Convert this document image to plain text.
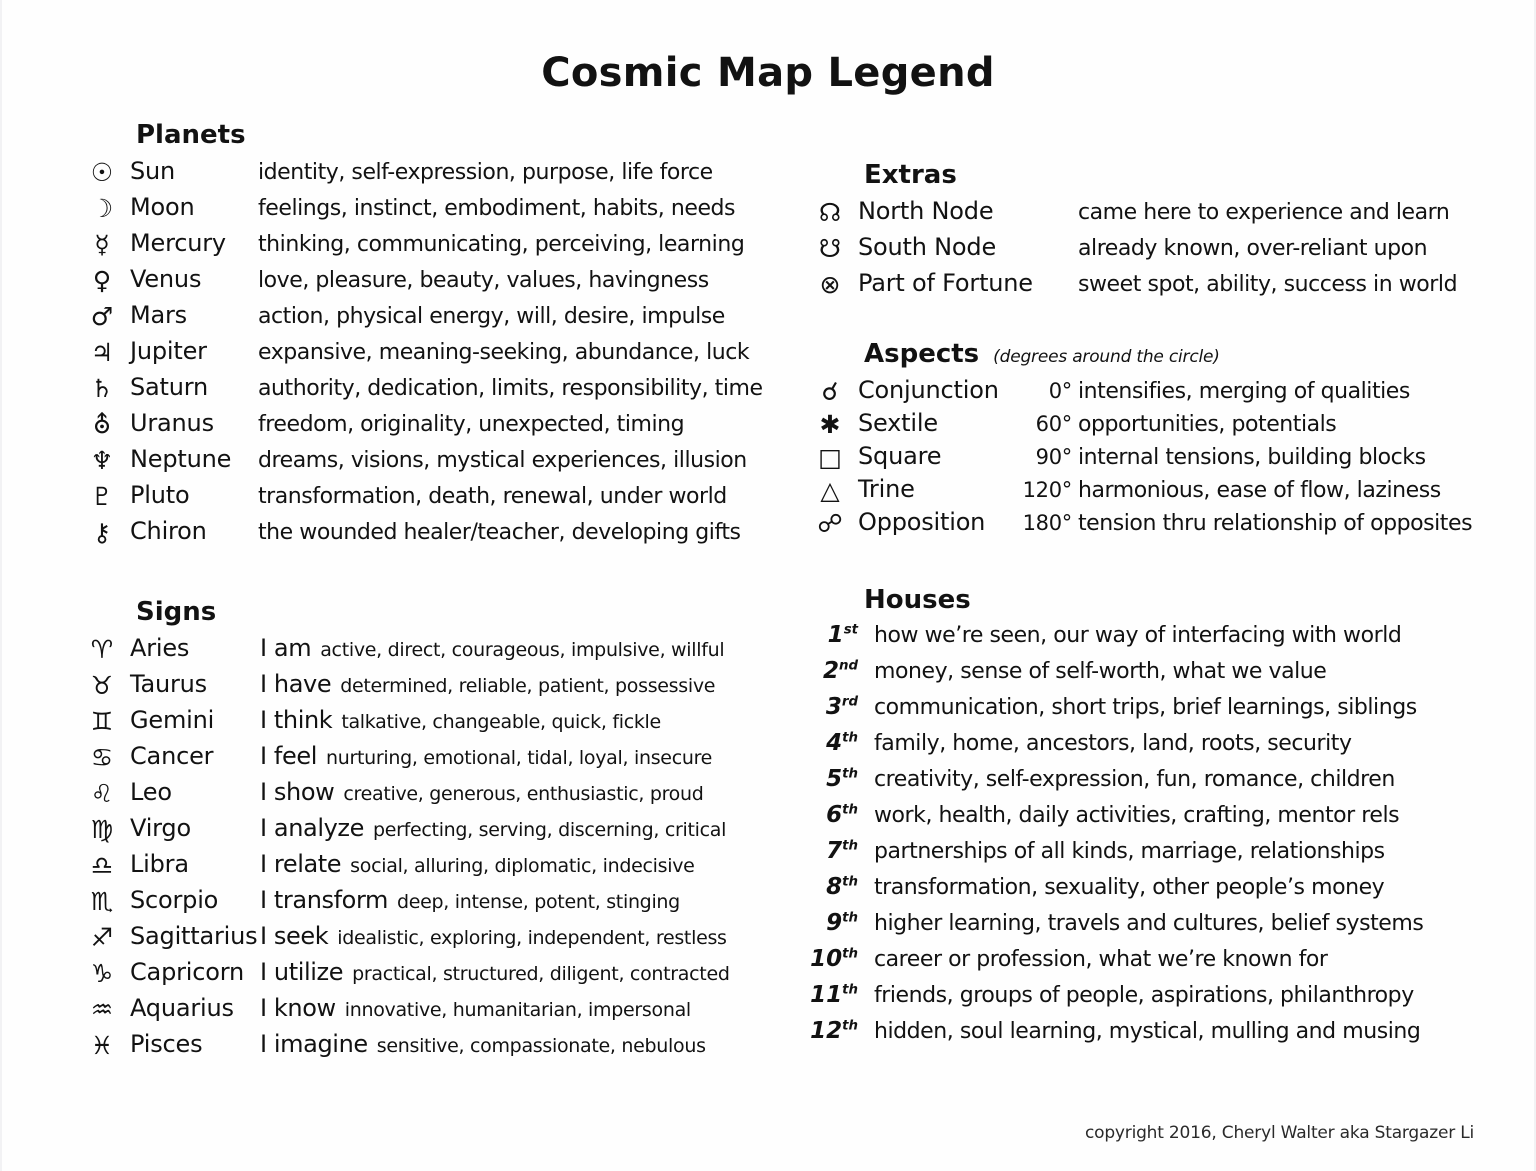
Cosmic Map Legend
Planets
☉ Sun	identity, self-expression, purpose, life force
☽ Moon	feelings, instinct, embodiment, habits, needs
☿ Mercury	thinking, communicating, perceiving, learning
♀ Venus	love, pleasure, beauty, values, havingness
♂ Mars	action, physical energy, will, desire, impulse
♃ Jupiter	expansive, meaning-seeking, abundance, luck
♄ Saturn	authority, dedication, limits, responsibility, time
⛢ Uranus	freedom, originality, unexpected, timing
♆ Neptune	dreams, visions, mystical experiences, illusion
♇ Pluto	transformation, death, renewal, under world
⚷ Chiron	the wounded healer/teacher, developing gifts
Signs
♈ Aries	I am active, direct, courageous, impulsive, willful
♉ Taurus	I have determined, reliable, patient, possessive
♊ Gemini	I think talkative, changeable, quick, fickle
♋ Cancer	I feel nurturing, emotional, tidal, loyal, insecure
♌ Leo	I show creative, generous, enthusiastic, proud
♍ Virgo	I analyze perfecting, serving, discerning, critical
♎ Libra	I relate social, alluring, diplomatic, indecisive
♏ Scorpio	I transform deep, intense, potent, stinging
♐ Sagittarius I seek idealistic, exploring, independent, restless
♑ Capricorn I utilize practical, structured, diligent, contracted
♒ Aquarius	I know innovative, humanitarian, impersonal
♓ Pisces	I imagine sensitive, compassionate, nebulous
Extras
☊ North Node	came here to experience and learn
☋ South Node	already known, over-reliant upon
⊗ Part of Fortune	sweet spot, ability, success in world
Aspects (degrees around the circle)
☌ Conjunction	0° intensifies, merging of qualities
✱ Sextile	60° opportunities, potentials
□ Square	90° internal tensions, building blocks
△ Trine	120° harmonious, ease of flow, laziness
☍ Opposition	180° tension thru relationship of opposites
Houses
1st how we’re seen, our way of interfacing with world
2nd money, sense of self-worth, what we value
3rd communication, short trips, brief learnings, siblings
4th family, home, ancestors, land, roots, security
5th creativity, self-expression, fun, romance, children
6th work, health, daily activities, crafting, mentor rels
7th partnerships of all kinds, marriage, relationships
8th transformation, sexuality, other people’s money
9th higher learning, travels and cultures, belief systems
10th career or profession, what we’re known for
11th friends, groups of people, aspirations, philanthropy
12th hidden, soul learning, mystical, mulling and musing
copyright 2016, Cheryl Walter aka Stargazer Li
